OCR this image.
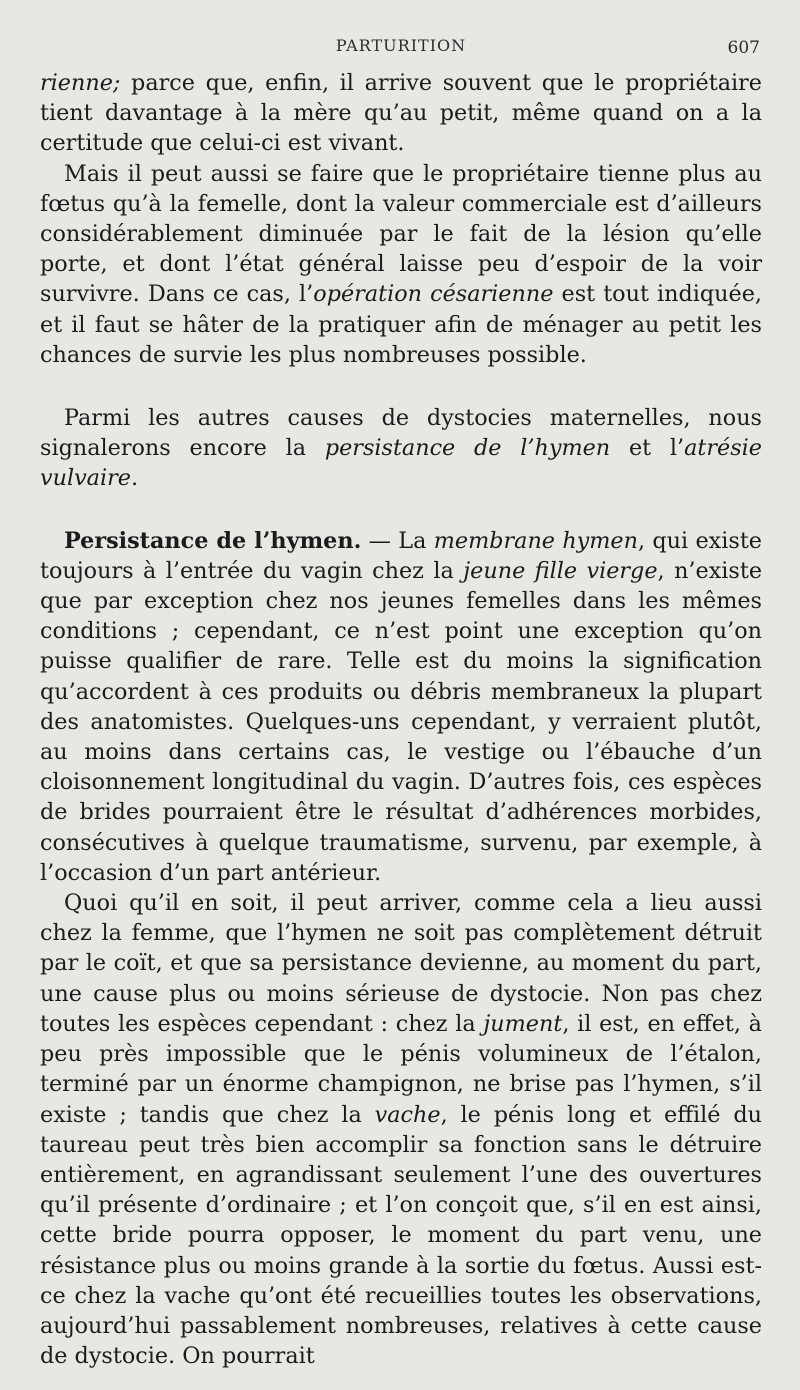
PARTURITION	607

rienne; parce que, enfin, il arrive souvent que le propriétaire tient davantage à la mère qu’au petit, même quand on a la certitude que celui-ci est vivant.

Mais il peut aussi se faire que le propriétaire tienne plus au fœtus qu’à la femelle, dont la valeur commerciale est d’ailleurs considérablement diminuée par le fait de la lésion qu’elle porte, et dont l’état général laisse peu d’espoir de la voir survivre. Dans ce cas, l’opération césarienne est tout indiquée, et il faut se hâter de la pratiquer afin de ménager au petit les chances de survie les plus nombreuses possible.

Parmi les autres causes de dystocies maternelles, nous signalerons encore la persistance de l’hymen et l’atrésie vulvaire.

Persistance de l’hymen. — La membrane hymen, qui existe toujours à l’entrée du vagin chez la jeune fille vierge, n’existe que par exception chez nos jeunes femelles dans les mêmes conditions ; cependant, ce n’est point une exception qu’on puisse qualifier de rare. Telle est du moins la signification qu’accordent à ces produits ou débris membraneux la plupart des anatomistes. Quelques-uns cependant, y verraient plutôt, au moins dans certains cas, le vestige ou l’ébauche d’un cloisonnement longitudinal du vagin. D’autres fois, ces espèces de brides pourraient être le résultat d’adhérences morbides, consécutives à quelque traumatisme, survenu, par exemple, à l’occasion d’un part antérieur.

Quoi qu’il en soit, il peut arriver, comme cela a lieu aussi chez la femme, que l’hymen ne soit pas complètement détruit par le coït, et que sa persistance devienne, au moment du part, une cause plus ou moins sérieuse de dystocie. Non pas chez toutes les espèces cependant : chez la jument, il est, en effet, à peu près impossible que le pénis volumineux de l’étalon, terminé par un énorme champignon, ne brise pas l’hymen, s’il existe ; tandis que chez la vache, le pénis long et effilé du taureau peut très bien accomplir sa fonction sans le détruire entièrement, en agrandissant seulement l’une des ouvertures qu’il présente d’ordinaire ; et l’on conçoit que, s’il en est ainsi, cette bride pourra opposer, le moment du part venu, une résistance plus ou moins grande à la sortie du fœtus. Aussi est-ce chez la vache qu’ont été recueillies toutes les observations, aujourd’hui passablement nombreuses, relatives à cette cause de dystocie. On pourrait
